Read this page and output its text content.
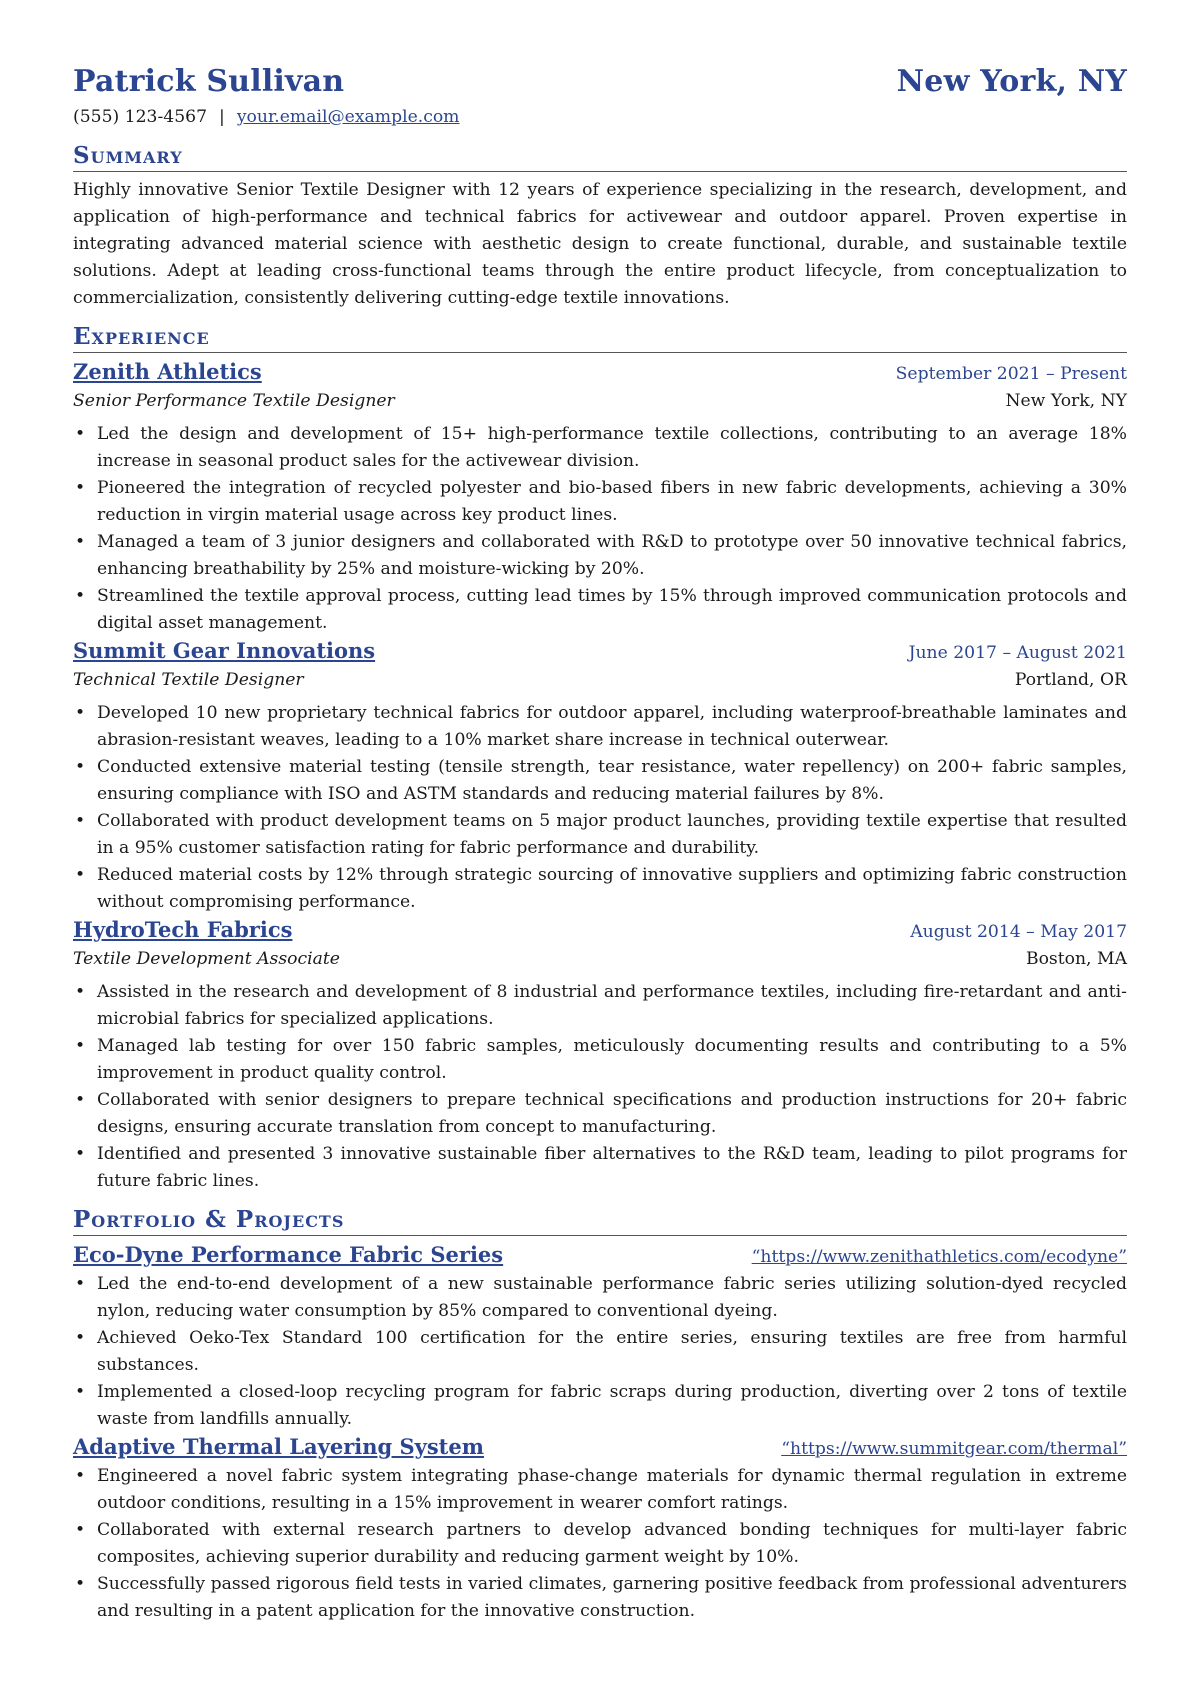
Patrick Sullivan	New York, NY
(555) 123-4567 | your.email@example.com
Summary

Highly innovative Senior Textile Designer with 12 years of experience specializing in the research, development, and application of high-performance and technical fabrics for activewear and outdoor apparel. Proven expertise in integrating advanced material science with aesthetic design to create functional, durable, and sustainable textile solutions. Adept at leading cross-functional teams through the entire product lifecycle, from conceptualization to commercialization, consistently delivering cutting-edge textile innovations.

Experience
Zenith Athletics	September 2021 – Present
Senior Performance Textile Designer	New York, NY
• Led the design and development of 15+ high-performance textile collections, contributing to an average 18% increase in seasonal product sales for the activewear division.
• Pioneered the integration of recycled polyester and bio-based fibers in new fabric developments, achieving a 30% reduction in virgin material usage across key product lines.
• Managed a team of 3 junior designers and collaborated with R&D to prototype over 50 innovative technical fabrics, enhancing breathability by 25% and moisture-wicking by 20%.
• Streamlined the textile approval process, cutting lead times by 15% through improved communication protocols and digital asset management.
Summit Gear Innovations	June 2017 – August 2021
Technical Textile Designer	Portland, OR
• Developed 10 new proprietary technical fabrics for outdoor apparel, including waterproof-breathable laminates and abrasion-resistant weaves, leading to a 10% market share increase in technical outerwear.
• Conducted extensive material testing (tensile strength, tear resistance, water repellency) on 200+ fabric samples, ensuring compliance with ISO and ASTM standards and reducing material failures by 8%.
• Collaborated with product development teams on 5 major product launches, providing textile expertise that resulted in a 95% customer satisfaction rating for fabric performance and durability.
• Reduced material costs by 12% through strategic sourcing of innovative suppliers and optimizing fabric construction without compromising performance.
HydroTech Fabrics	August 2014 – May 2017
Textile Development Associate	Boston, MA
• Assisted in the research and development of 8 industrial and performance textiles, including fire-retardant and anti-microbial fabrics for specialized applications.
• Managed lab testing for over 150 fabric samples, meticulously documenting results and contributing to a 5% improvement in product quality control.
• Collaborated with senior designers to prepare technical specifications and production instructions for 20+ fabric designs, ensuring accurate translation from concept to manufacturing.
• Identified and presented 3 innovative sustainable fiber alternatives to the R&D team, leading to pilot programs for future fabric lines.
Portfolio & Projects
Eco-Dyne Performance Fabric Series	“https://www.zenithathletics.com/ecodyne”
• Led the end-to-end development of a new sustainable performance fabric series utilizing solution-dyed recycled nylon, reducing water consumption by 85% compared to conventional dyeing.
• Achieved Oeko-Tex Standard 100 certification for the entire series, ensuring textiles are free from harmful substances.
• Implemented a closed-loop recycling program for fabric scraps during production, diverting over 2 tons of textile waste from landfills annually.
Adaptive Thermal Layering System	“https://www.summitgear.com/thermal”
• Engineered a novel fabric system integrating phase-change materials for dynamic thermal regulation in extreme outdoor conditions, resulting in a 15% improvement in wearer comfort ratings.
• Collaborated with external research partners to develop advanced bonding techniques for multi-layer fabric composites, achieving superior durability and reducing garment weight by 10%.
• Successfully passed rigorous field tests in varied climates, garnering positive feedback from professional adventurers and resulting in a patent application for the innovative construction.
